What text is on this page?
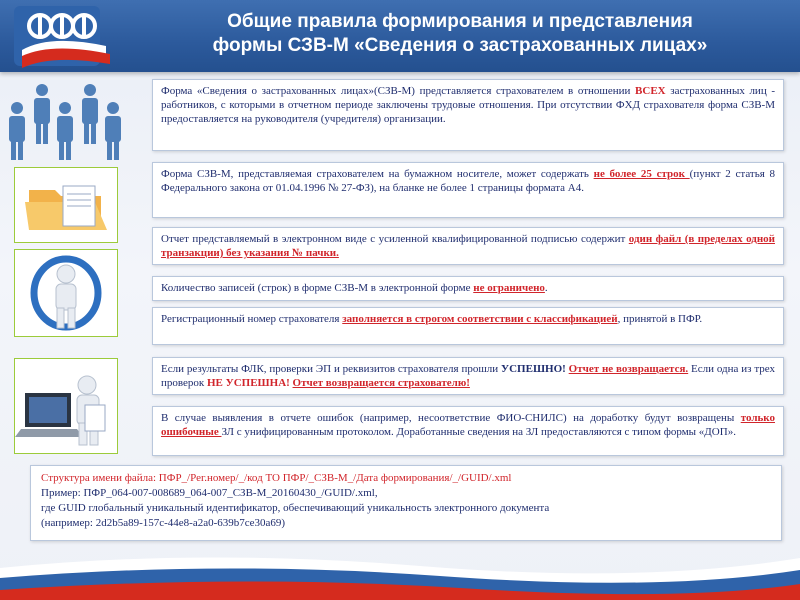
Общие правила формирования и представления
формы СЗВ-М «Сведения о застрахованных лицах»
Форма «Сведения о застрахованных лицах»(СЗВ-М) представляется страхователем в отношении ВСЕХ застрахованных лиц - работников, с которыми в отчетном периоде заключены трудовые отношения. При отсутствии ФХД страхователя форма СЗВ-М предоставляется на руководителя (учредителя) организации.
Форма СЗВ-М, представляемая страхователем на бумажном носителе, может содержать не более 25 строк (пункт 2 статья 8 Федерального закона от 01.04.1996 № 27-ФЗ), на бланке не более 1 страницы формата А4.
Отчет представляемый в электронном виде с усиленной квалифицированной подписью содержит один файл (в пределах одной транзакции) без указания № пачки.
Количество записей (строк) в форме СЗВ-М в электронной форме не ограничено.
Регистрационный номер страхователя заполняется в строгом соответствии с классификацией, принятой в ПФР.
Если результаты ФЛК, проверки ЭП и реквизитов страхователя прошли УСПЕШНО! Отчет не возвращается. Если одна из трех проверок НЕ УСПЕШНА! Отчет возвращается страхователю!
В случае выявления в отчете ошибок (например, несоответствие ФИО-СНИЛС) на доработку будут возвращены только ошибочные ЗЛ с унифицированным протоколом. Доработанные сведения на ЗЛ предоставляются с типом формы «ДОП».
Структура имени файла: ПФР_/Рег.номер/_/код ТО ПФР/_СЗВ-М_/Дата формирования/_/GUID/.xml
Пример: ПФР_064-007-008689_064-007_СЗВ-М_20160430_/GUID/.xml,
где GUID глобальный уникальный идентификатор, обеспечивающий уникальность электронного документа
(например: 2d2b5a89-157c-44e8-a2a0-639b7ce30a69)
